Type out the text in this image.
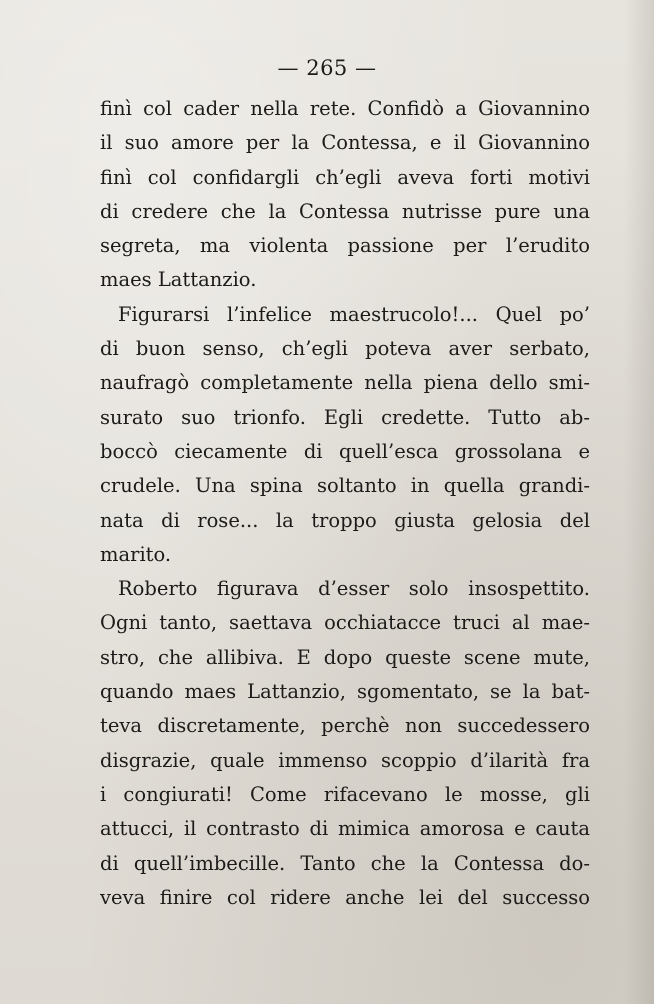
— 265 —
finì col cader nella rete. Confidò a Giovannino
il suo amore per la Contessa, e il Giovannino
finì col confidargli ch’egli aveva forti motivi
di credere che la Contessa nutrisse pure una
segreta, ma violenta passione per l’erudito
maes Lattanzio.
Figurarsi l’infelice maestrucolo!... Quel po’
di buon senso, ch’egli poteva aver serbato,
naufragò completamente nella piena dello smi-
surato suo trionfo. Egli credette. Tutto ab-
boccò ciecamente di quell’esca grossolana e
crudele. Una spina soltanto in quella grandi-
nata di rose... la troppo giusta gelosia del
marito.
Roberto figurava d’esser solo insospettito.
Ogni tanto, saettava occhiatacce truci al mae-
stro, che allibiva. E dopo queste scene mute,
quando maes Lattanzio, sgomentato, se la bat-
teva discretamente, perchè non succedessero
disgrazie, quale immenso scoppio d’ilarità fra
i congiurati! Come rifacevano le mosse, gli
attucci, il contrasto di mimica amorosa e cauta
di quell’imbecille. Tanto che la Contessa do-
veva finire col ridere anche lei del successo
